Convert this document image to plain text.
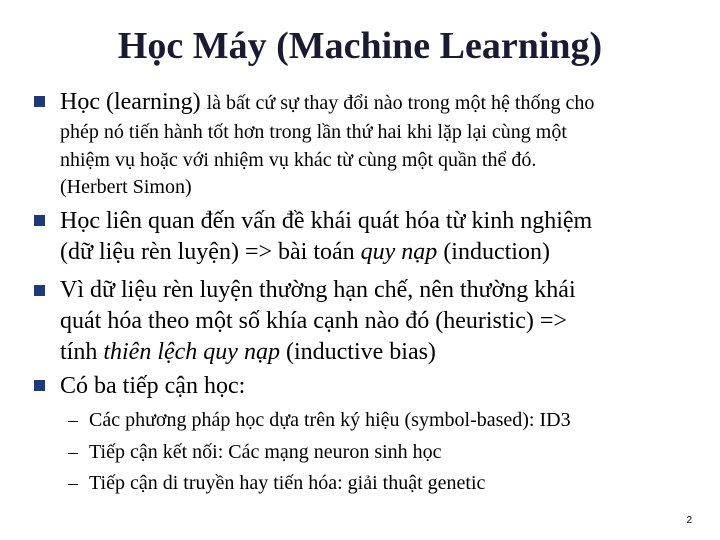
Học Máy (Machine Learning)
Học (learning) là bất cứ sự thay đổi nào trong một hệ thống cho
phép nó tiến hành tốt hơn trong lần thứ hai khi lặp lại cùng một
nhiệm vụ hoặc với nhiệm vụ khác từ cùng một quần thể đó.
(Herbert Simon)
Học liên quan đến vấn đề khái quát hóa từ kinh nghiệm
(dữ liệu rèn luyện) => bài toán quy nạp (induction)
Vì dữ liệu rèn luyện thường hạn chế, nên thường khái
quát hóa theo một số khía cạnh nào đó (heuristic) =>
tính thiên lệch quy nạp (inductive bias)
Có ba tiếp cận học:
– Các phương pháp học dựa trên ký hiệu (symbol-based): ID3
– Tiếp cận kết nối: Các mạng neuron sinh học
– Tiếp cận di truyền hay tiến hóa: giải thuật genetic
2
